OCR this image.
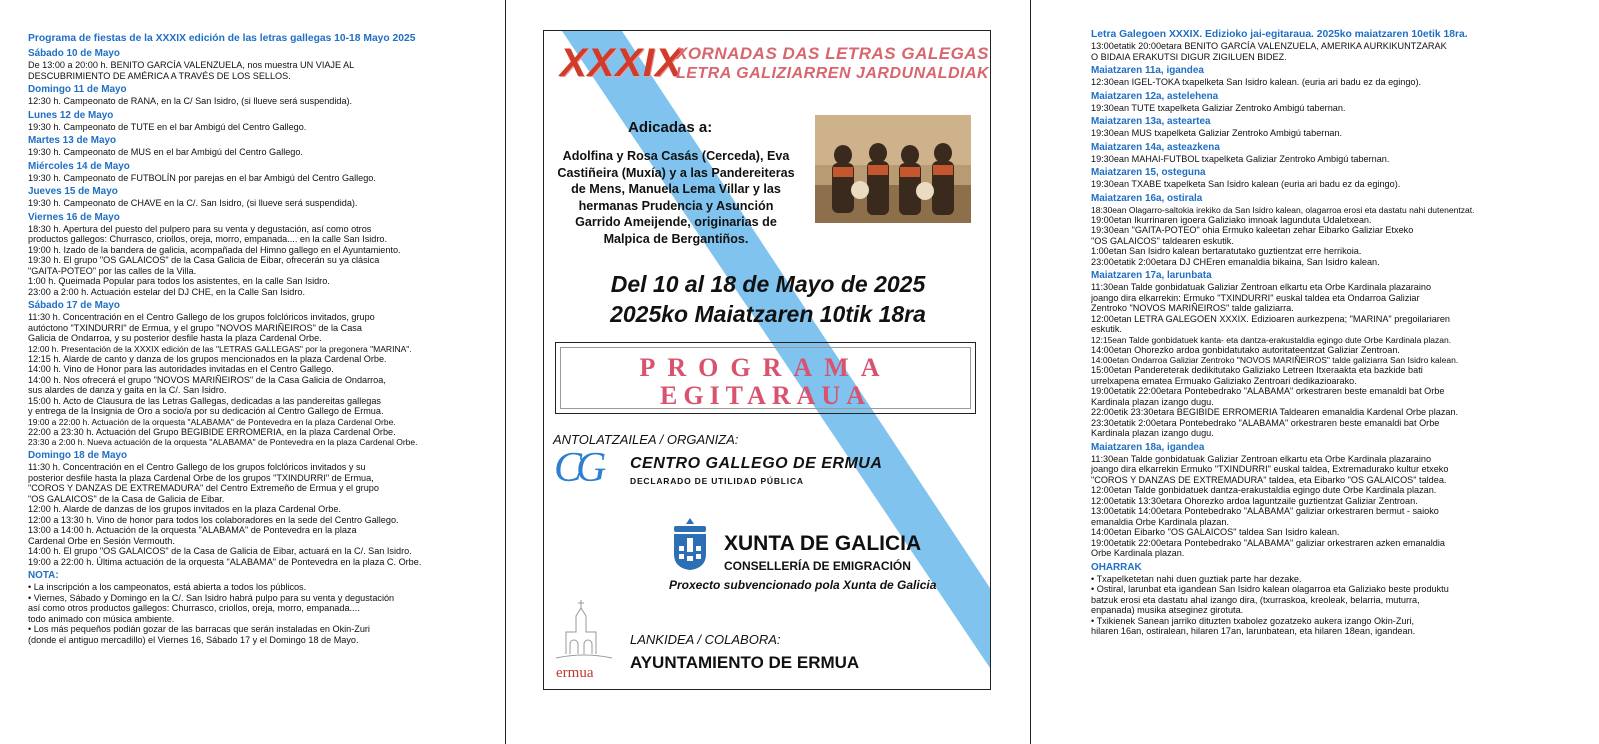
Programa de fiestas de la XXXIX edición de las letras gallegas 10-18 Mayo 2025
Sábado 10 de Mayo
De 13:00 a 20:00 h. BENITO GARCÍA VALENZUELA, nos muestra UN VIAJE AL
DESCUBRIMIENTO DE AMÉRICA A TRAVÉS DE LOS SELLOS.
Domingo 11 de Mayo
12:30 h. Campeonato de RANA, en la C/ San Isidro, (si llueve será suspendida).
Lunes 12 de Mayo
19:30 h. Campeonato de TUTE en el bar Ambigú del Centro Gallego.
Martes 13 de Mayo
19:30 h. Campeonato de MUS en el bar Ambigú del Centro Gallego.
Miércoles 14 de Mayo
19:30 h. Campeonato de FUTBOLÍN por parejas en el bar Ambigú del Centro Gallego.
Jueves 15 de Mayo
19:30 h. Campeonato de CHAVE en la C/. San Isidro, (si llueve será suspendida).
Viernes 16 de Mayo
18:30 h. Apertura del puesto del pulpero para su venta y degustación, así como otros
productos gallegos: Churrasco, criollos, oreja, morro, empanada.... en la calle San Isidro.
19:00 h. Izado de la bandera de galicia, acompañada del Himno gallego en el Ayuntamiento.
19:30 h. El grupo "OS GALAICOS" de la Casa Galicia de Eibar, ofrecerán su ya clásica
"GAITA-POTEO" por las calles de la Villa.
1:00 h. Queimada Popular para todos los asistentes, en la calle San Isidro.
23:00 a 2:00 h. Actuación estelar del DJ CHE, en la Calle San Isidro.
Sábado 17 de Mayo
11:30 h. Concentración en el Centro Gallego de los grupos folclóricos invitados, grupo
autóctono "TXINDURRI" de Ermua, y el grupo "NOVOS MARIÑEIROS" de la Casa
Galicia de Ondarroa, y su posterior desfile hasta la plaza Cardenal Orbe.
12:00 h. Presentación de la XXXIX edición de las "LETRAS GALLEGAS" por la pregonera "MARINA".
12:15 h. Alarde de canto y danza de los grupos mencionados en la plaza Cardenal Orbe.
14:00 h. Vino de Honor para las autoridades invitadas en el Centro Gallego.
14:00 h. Nos ofrecerá el grupo "NOVOS MARIÑEIROS" de la Casa Galicia de Ondarroa,
sus alardes de danza y gaita en la C/. San Isidro.
15:00 h. Acto de Clausura de las Letras Gallegas, dedicadas a las pandereitas gallegas
y entrega de la Insignia de Oro a socio/a por su dedicación al Centro Gallego de Ermua.
19:00 a 22:00 h. Actuación de la orquesta "ALABAMA" de Pontevedra en la plaza Cardenal Orbe.
22:00 a 23:30 h. Actuación del Grupo BEGIBIDE ERROMERIA, en la plaza Cardenal Orbe.
23:30 a 2:00 h. Nueva actuación de la orquesta "ALABAMA" de Pontevedra en la plaza Cardenal Orbe.
Domingo 18 de Mayo
11:30 h. Concentración en el Centro Gallego de los grupos folclóricos invitados y su
posterior desfile hasta la plaza Cardenal Orbe de los grupos "TXINDURRI" de Ermua,
"COROS Y DANZAS DE EXTREMADURA" del Centro Extremeño de Ermua y el grupo
"OS GALAICOS" de la Casa de Galicia de Eibar.
12:00 h. Alarde de danzas de los grupos invitados en la plaza Cardenal Orbe.
12:00 a 13:30 h. Vino de honor para todos los colaboradores en la sede del Centro Gallego.
13:00 a 14:00 h. Actuación de la orquesta "ALABAMA" de Pontevedra en la plaza
Cardenal Orbe en Sesión Vermouth.
14:00 h. El grupo "OS GALAICOS" de la Casa de Galicia de Eibar, actuará en la C/. San Isidro.
19:00 a 22:00 h. Última actuación de la orquesta "ALABAMA" de Pontevedra en la plaza C. Orbe.
NOTA:
• La inscripción a los campeonatos, está abierta a todos los públicos.
• Viernes, Sábado y Domingo en la C/. San Isidro habrá pulpo para su venta y degustación
así como otros productos gallegos: Churrasco, criollos, oreja, morro, empanada....
todo animado con música ambiente.
• Los más pequeños podián gozar de las barracas que serán instaladas en Okin-Zuri
(donde el antiguo mercadillo) el Viernes 16, Sábado 17 y el Domingo 18 de Mayo.
XXXIX
XORNADAS DAS LETRAS GALEGAS
LETRA GALIZIARREN JARDUNALDIAK
Adicadas a:
Adolfina y Rosa Casás (Cerceda), Eva
Castiñeira (Muxía) y a las Pandereiteras
de Mens, Manuela Lema Villar y las
hermanas Prudencia y Asunción
Garrido Ameijende, originarias de
Malpica de Bergantiños.
Del 10 al 18 de Mayo de 2025
2025ko Maiatzaren 10tik 18ra
PROGRAMA
EGITARAUA
ANTOLATZAILEA / ORGANIZA:
CG CENTRO GALLEGO DE ERMUA
DECLARADO DE UTILIDAD PÚBLICA
XUNTA DE GALICIA
CONSELLERÍA DE EMIGRACIÓN
Proxecto subvencionado pola Xunta de Galicia
ermua
LANKIDEA / COLABORA:
AYUNTAMIENTO DE ERMUA
Letra Galegoen XXXIX. Edizioko jai-egitaraua. 2025ko maiatzaren 10etik 18ra.
13:00etatik 20:00etara BENITO GARCÍA VALENZUELA, AMERIKA AURKIKUNTZARAK
O BIDAIA ERAKUTSI DIGUR ZIGILUEN BIDEZ.
Maiatzaren 11a, igandea
12:30ean IGEL-TOKA txapelketa San Isidro kalean. (euria ari badu ez da egingo).
Maiatzaren 12a, astelehena
19:30ean TUTE txapelketa Galiziar Zentroko Ambigú tabernan.
Maiatzaren 13a, asteartea
19:30ean MUS txapelketa Galiziar Zentroko Ambigú tabernan.
Maiatzaren 14a, asteazkena
19:30ean MAHAI-FUTBOL txapelketa Galiziar Zentroko Ambigú tabernan.
Maiatzaren 15, osteguna
19:30ean TXABE txapelketa San Isidro kalean (euria ari badu ez da egingo).
Maiatzaren 16a, ostirala
18:30ean Olagarro-saltokia irekiko da San Isidro kalean, olagarroa erosi eta dastatu nahi dutenentzat.
19:00etan Ikurrinaren igoera Galiziako imnoak lagunduta Udaletxean.
19:30ean "GAITA-POTEO" ohia Ermuko kaleetan zehar Eibarko Galiziar Etxeko
"OS GALAICOS" taldearen eskutik.
1:00etan San Isidro kalean bertaratutako guztientzat erre herrikoia.
23:00etatik 2:00etara DJ CHEren emanaldia bikaina, San Isidro kalean.
Maiatzaren 17a, larunbata
11:30ean Talde gonbidatuak Galiziar Zentroan elkartu eta Orbe Kardinala plazaraino
joango dira elkarrekin: Ermuko "TXINDURRI" euskal taldea eta Ondarroa Galiziar
Zentroko "NOVOS MARIÑEIROS" talde galiziarra.
12:00etan LETRA GALEGOEN XXXIX. Edizioaren aurkezpena; "MARINA" pregoilariaren
eskutik.
12:15ean Talde gonbidatuek kanta- eta dantza-erakustaldia egingo dute Orbe Kardinala plazan.
14:00etan Ohorezko ardoa gonbidatutako autoritateentzat Galiziar Zentroan.
14:00etan Ondarroa Galiziar Zentroko "NOVOS MARIÑEIROS" talde galiziarra San Isidro kalean.
15:00etan Pandereterak dedikitutako Galiziako Letreen Itxeraakta eta bazkide bati
urrelxapena ematea Ermuako Galiziako Zentroari dedikazioarako.
19:00etatik 22:00etara Pontebedrako "ALABAMA" orkestraren beste emanaldi bat Orbe
Kardinala plazan izango dugu.
22:00etik 23:30etara BEGIBIDE ERROMERIA Taldearen emanaldia Kardenal Orbe plazan.
23:30etatik 2:00etara Pontebedrako "ALABAMA" orkestraren beste emanaldi bat Orbe
Kardinala plazan izango dugu.
Maiatzaren 18a, igandea
11:30ean Talde gonbidatuak Galiziar Zentroan elkartu eta Orbe Kardinala plazaraino
joango dira elkarrekin Ermuko "TXINDURRI" euskal taldea, Extremadurako kultur etxeko
"COROS Y DANZAS DE EXTREMADURA" taldea, eta Eibarko "OS GALAICOS" taldea.
12:00etan Talde gonbidatuek dantza-erakustaldia egingo dute Orbe Kardinala plazan.
12:00etatik 13:30etara Ohorezko ardoa laguntzaile guztientzat Galiziar Zentroan.
13:00etatik 14:00etara Pontebedrako "ALABAMA" galiziar orkestraren bermut - saioko
emanaldia Orbe Kardinala plazan.
14:00etan Eibarko "OS GALAICOS" taldea San Isidro kalean.
19:00etatik 22:00etara Pontebedrako "ALABAMA" galiziar orkestraren azken emanaldia
Orbe Kardinala plazan.
OHARRAK
• Txapelketetan nahi duen guztiak parte har dezake.
• Ostiral, larunbat eta igandean San Isidro kalean olagarroa eta Galiziako beste produktu
batzuk erosi eta dastatu ahal izango dira, (txurraskoa, kreoleak, belarria, muturra,
enpanada) musika atseginez girotuta.
• Txikienek Sanean jarriko dituzten txabolez gozatzeko aukera izango Okin-Zuri,
hilaren 16an, ostiralean, hilaren 17an, larunbatean, eta hilaren 18ean, igandean.
